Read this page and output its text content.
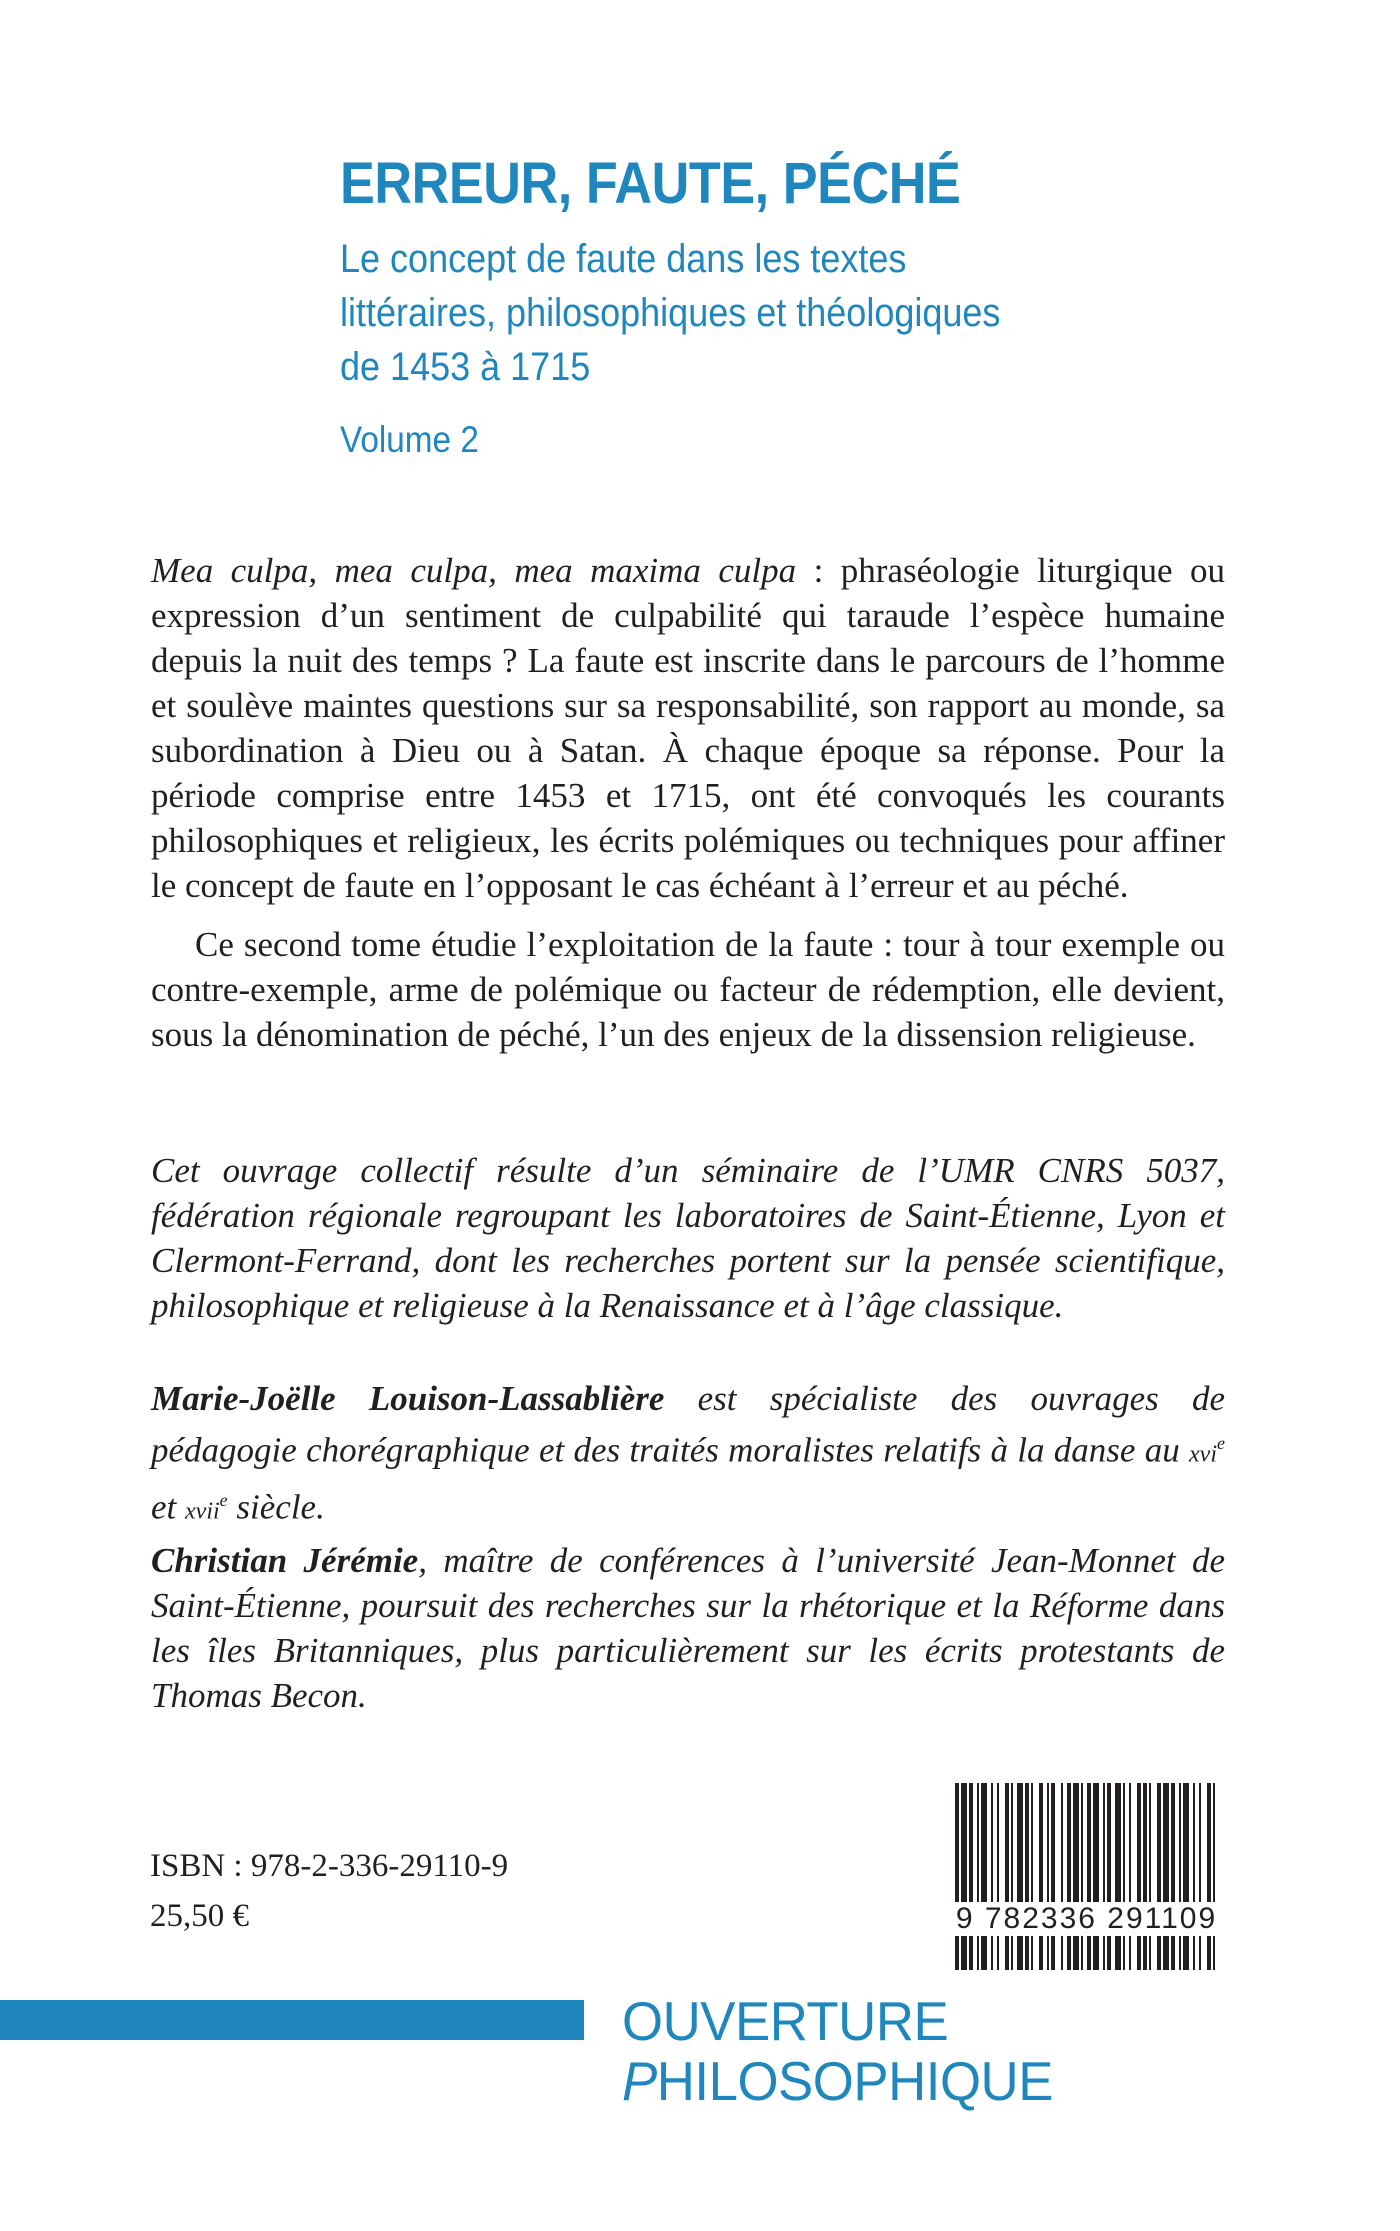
ERREUR, FAUTE, PÉCHÉ
Le concept de faute dans les textes
littéraires, philosophiques et théologiques
de 1453 à 1715
Volume 2

Mea culpa, mea culpa, mea maxima culpa : phraséologie liturgique ou expression d’un sentiment de culpabilité qui taraude l’espèce humaine depuis la nuit des temps ? La faute est inscrite dans le parcours de l’homme et soulève maintes questions sur sa responsabilité, son rapport au monde, sa subordination à Dieu ou à Satan. À chaque époque sa réponse. Pour la période comprise entre 1453 et 1715, ont été convoqués les courants philosophiques et religieux, les écrits polémiques ou techniques pour affiner le concept de faute en l’opposant le cas échéant à l’erreur et au péché.

Ce second tome étudie l’exploitation de la faute : tour à tour exemple ou contre-exemple, arme de polémique ou facteur de rédemption, elle devient, sous la dénomination de péché, l’un des enjeux de la dissension religieuse.

Cet ouvrage collectif résulte d’un séminaire de l’UMR CNRS 5037, fédération régionale regroupant les laboratoires de Saint-Étienne, Lyon et Clermont-Ferrand, dont les recherches portent sur la pensée scientifique, philosophique et religieuse à la Renaissance et à l’âge classique.

Marie-Joëlle Louison-Lassablière est spécialiste des ouvrages de pédagogie chorégraphique et des traités moralistes relatifs à la danse au xvi$^e$ et xvii$^e$ siècle.

Christian Jérémie, maître de conférences à l’université Jean-Monnet de Saint-Étienne, poursuit des recherches sur la rhétorique et la Réforme dans les îles Britanniques, plus particulièrement sur les écrits protestants de Thomas Becon.

ISBN : 978-2-336-29110-9
25,50 €	9 782336 291109
OUVERTURE PHILOSOPHIQUE
